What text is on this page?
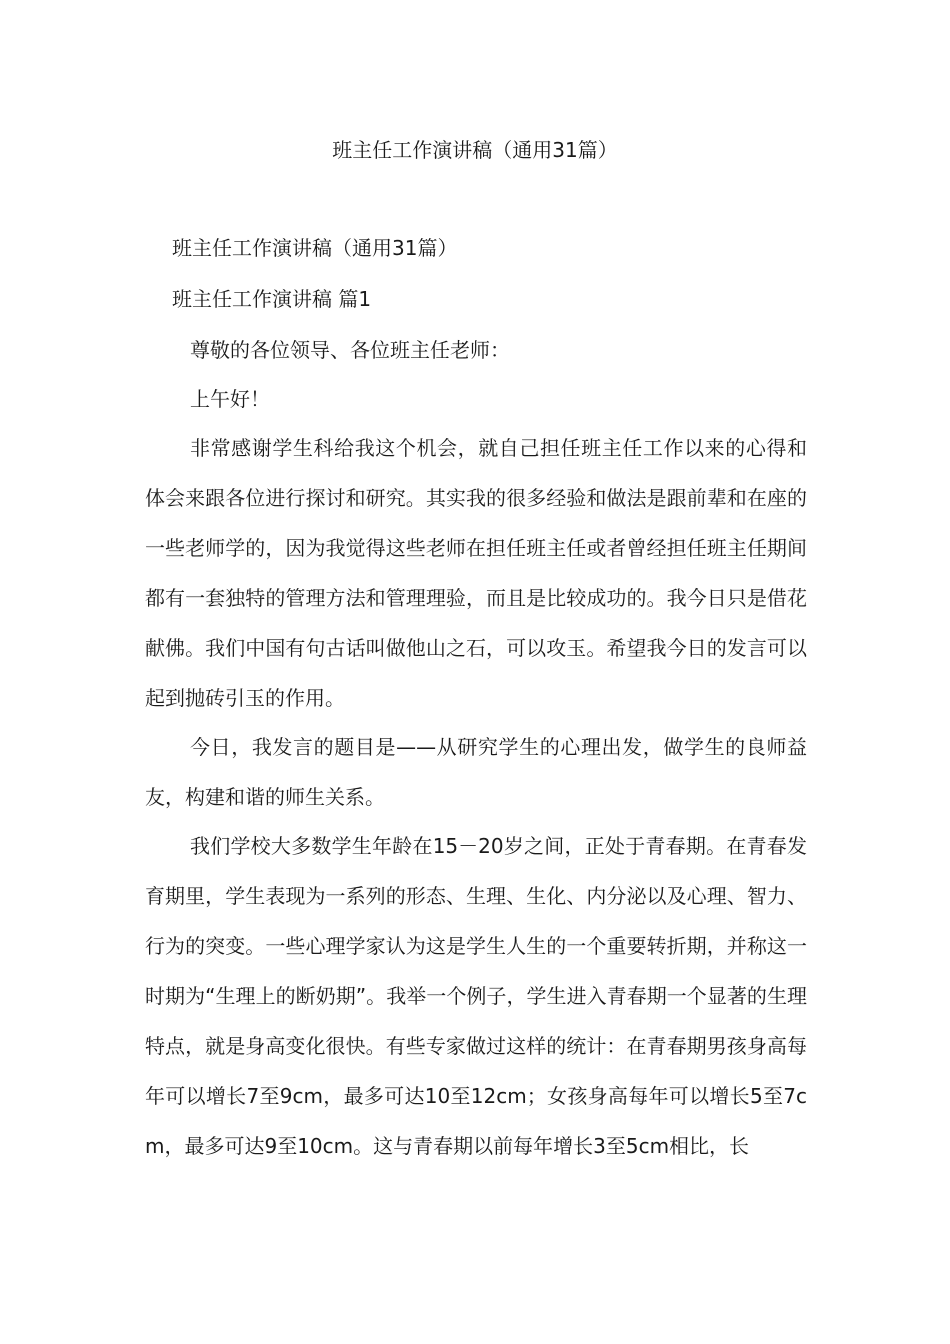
班主任工作演讲稿（通用31篇）

班主任工作演讲稿（通用31篇）

班主任工作演讲稿 篇1

尊敬的各位领导、各位班主任老师：

上午好！

非常感谢学生科给我这个机会，就自己担任班主任工作以来的心得和体会来跟各位进行探讨和研究。其实我的很多经验和做法是跟前辈和在座的一些老师学的，因为我觉得这些老师在担任班主任或者曾经担任班主任期间都有一套独特的管理方法和管理理验，而且是比较成功的。我今日只是借花献佛。我们中国有句古话叫做他山之石，可以攻玉。希望我今日的发言可以起到抛砖引玉的作用。

今日，我发言的题目是——从研究学生的心理出发，做学生的良师益友，构建和谐的师生关系。

我们学校大多数学生年龄在15－20岁之间，正处于青春期。在青春发育期里，学生表现为一系列的形态、生理、生化、内分泌以及心理、智力、行为的突变。一些心理学家认为这是学生人生的一个重要转折期，并称这一时期为“生理上的断奶期”。我举一个例子，学生进入青春期一个显著的生理特点，就是身高变化很快。有些专家做过这样的统计：在青春期男孩身高每年可以增长7至9cm，最多可达10至12cm；女孩身高每年可以增长5至7cm，最多可达9至10cm。这与青春期以前每年增长3至5cm相比，长
